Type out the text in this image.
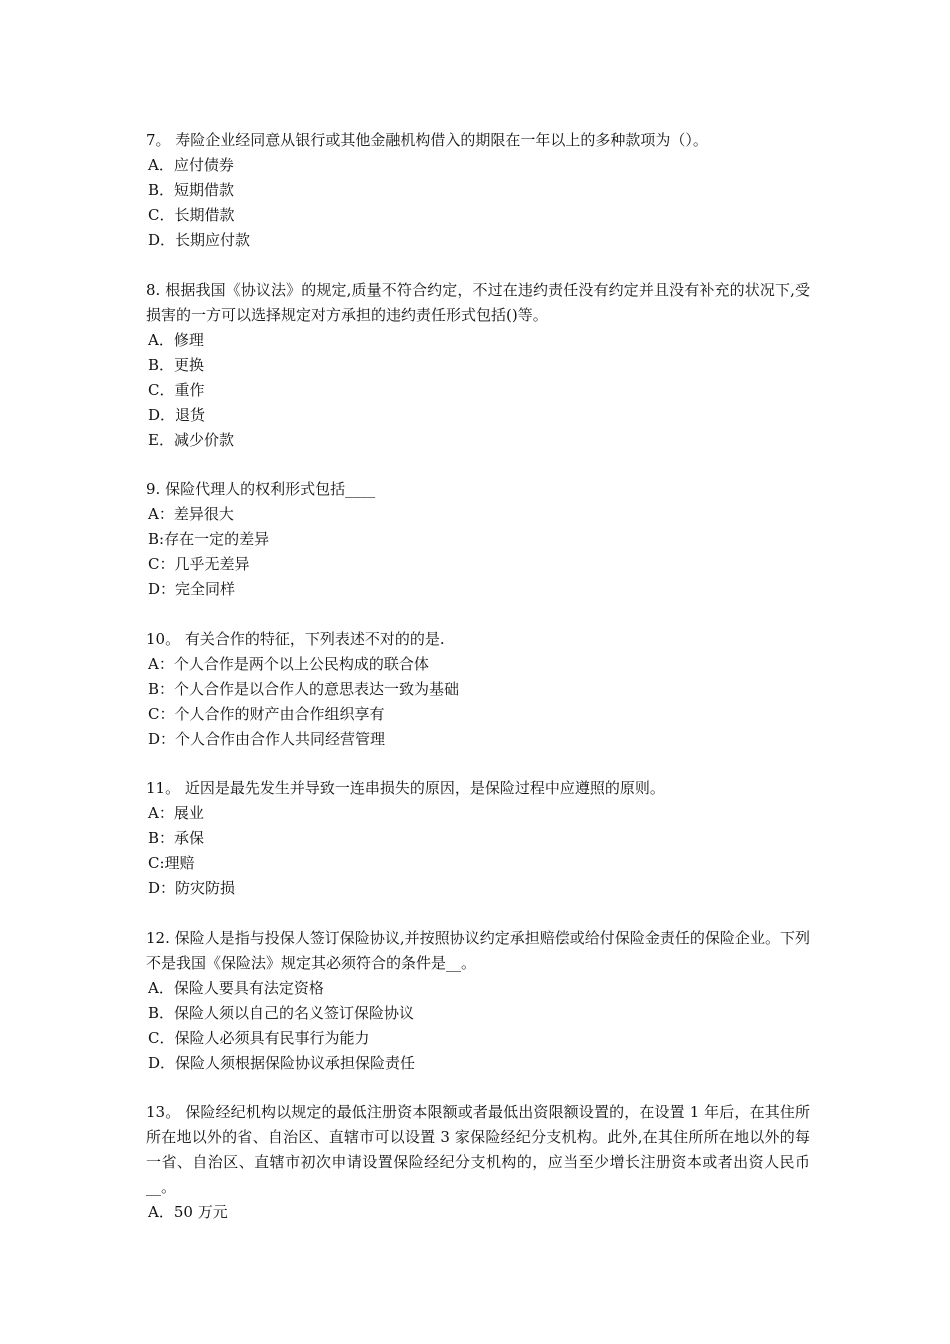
7。 寿险企业经同意从银行或其他金融机构借入的期限在一年以上的多种款项为（）。

A．应付债券

B．短期借款

C．长期借款

D．长期应付款

8. 根据我国《协议法》的规定,质量不符合约定，不过在违约责任没有约定并且没有补充的状况下,受损害的一方可以选择规定对方承担的违约责任形式包括()等。

A．修理

B．更换

C．重作

D．退货

E．减少价款

9. 保险代理人的权利形式包括____

A：差异很大

B:存在一定的差异

C：几乎无差异

D：完全同样

10。 有关合作的特征，下列表述不对的的是.

A：个人合作是两个以上公民构成的联合体

B：个人合作是以合作人的意思表达一致为基础

C：个人合作的财产由合作组织享有

D：个人合作由合作人共同经营管理

11。 近因是最先发生并导致一连串损失的原因，是保险过程中应遵照的原则。

A：展业

B：承保

C:理赔

D：防灾防损

12. 保险人是指与投保人签订保险协议,并按照协议约定承担赔偿或给付保险金责任的保险企业。下列不是我国《保险法》规定其必须符合的条件是__。

A．保险人要具有法定资格

B．保险人须以自己的名义签订保险协议

C．保险人必须具有民事行为能力

D．保险人须根据保险协议承担保险责任

13。 保险经纪机构以规定的最低注册资本限额或者最低出资限额设置的，在设置 1 年后，在其住所所在地以外的省、自治区、直辖市可以设置 3 家保险经纪分支机构。此外,在其住所所在地以外的每一省、自治区、直辖市初次申请设置保险经纪分支机构的，应当至少增长注册资本或者出资人民币__。

A．50 万元
